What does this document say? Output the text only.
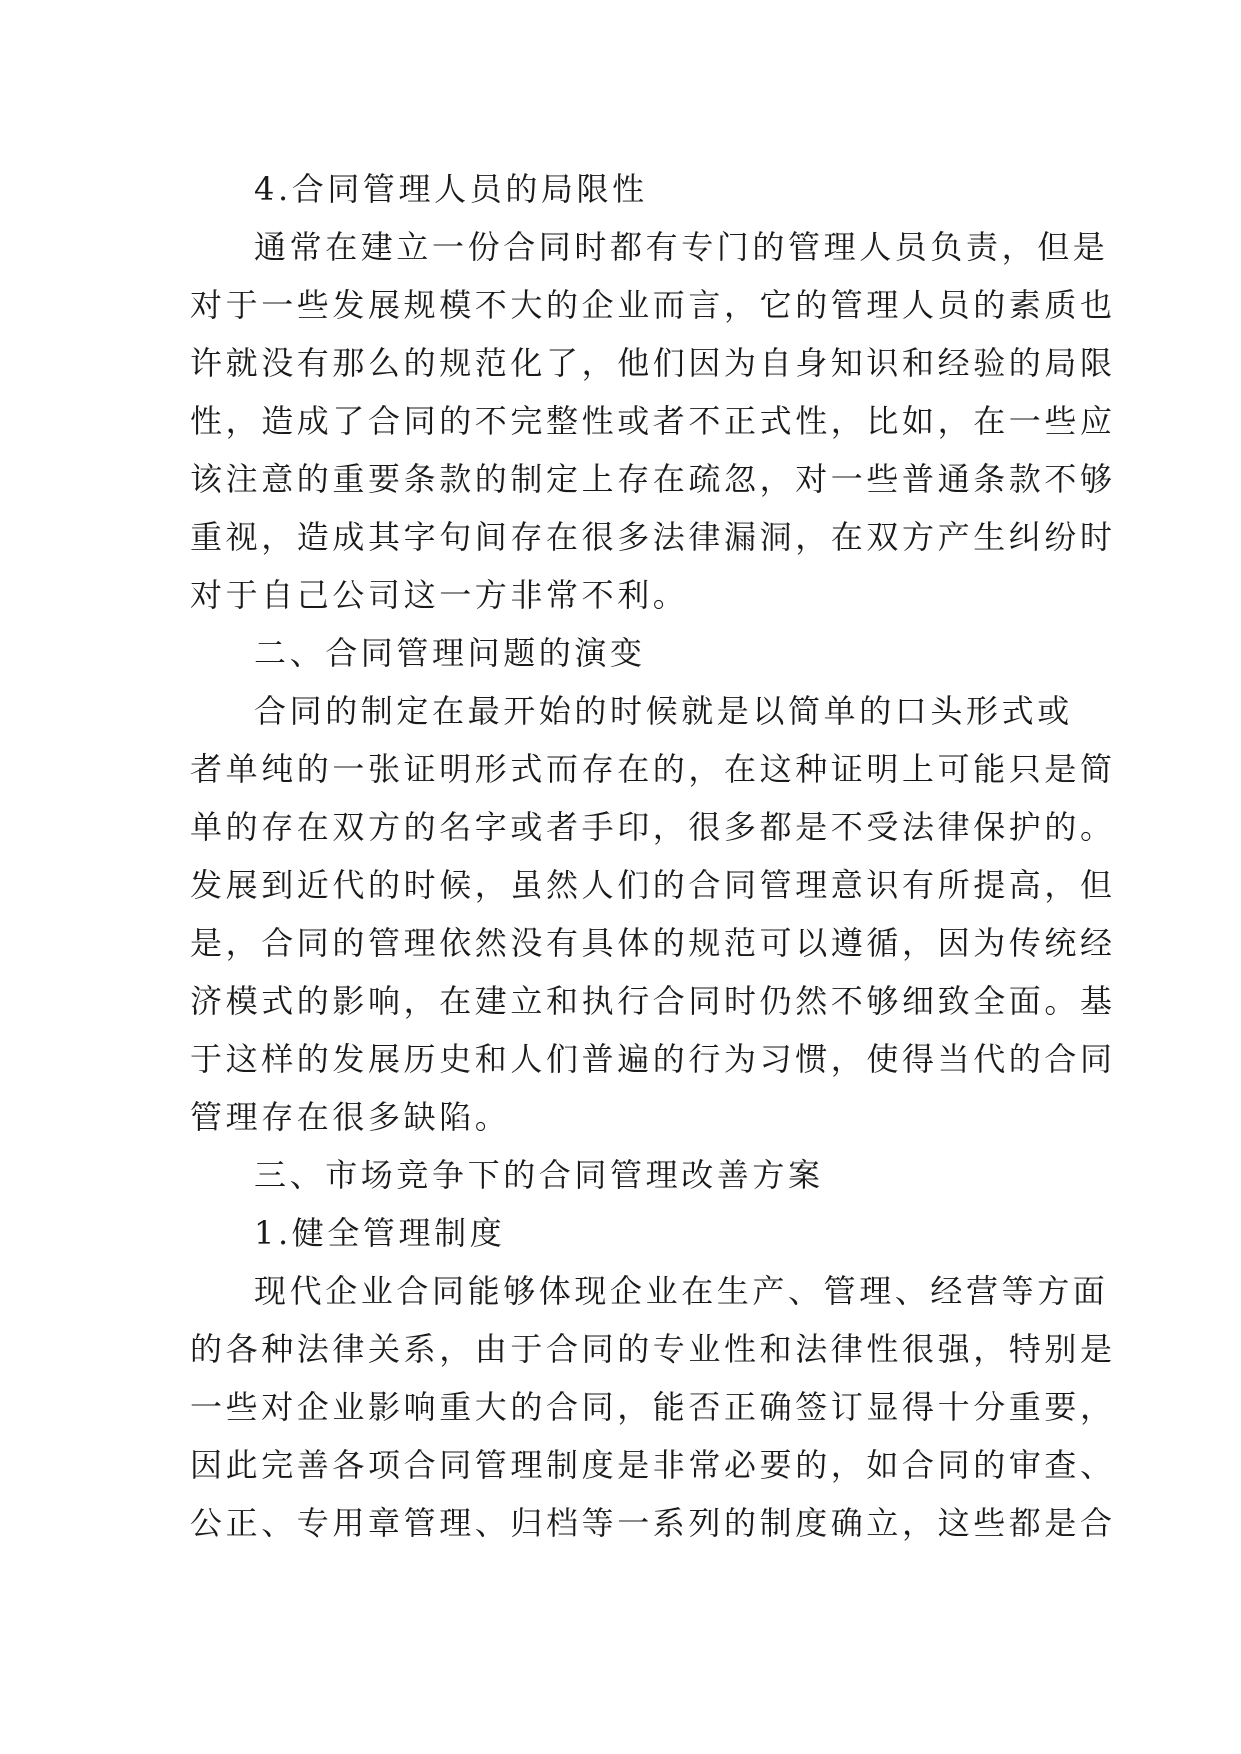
4.合同管理人员的局限性
通常在建立一份合同时都有专门的管理人员负责，但是
对于一些发展规模不大的企业而言，它的管理人员的素质也
许就没有那么的规范化了，他们因为自身知识和经验的局限
性，造成了合同的不完整性或者不正式性，比如，在一些应
该注意的重要条款的制定上存在疏忽，对一些普通条款不够
重视，造成其字句间存在很多法律漏洞，在双方产生纠纷时
对于自己公司这一方非常不利。
二、合同管理问题的演变
合同的制定在最开始的时候就是以简单的口头形式或
者单纯的一张证明形式而存在的，在这种证明上可能只是简
单的存在双方的名字或者手印，很多都是不受法律保护的。
发展到近代的时候，虽然人们的合同管理意识有所提高，但
是，合同的管理依然没有具体的规范可以遵循，因为传统经
济模式的影响，在建立和执行合同时仍然不够细致全面。基
于这样的发展历史和人们普遍的行为习惯，使得当代的合同
管理存在很多缺陷。
三、市场竞争下的合同管理改善方案
1.健全管理制度
现代企业合同能够体现企业在生产、管理、经营等方面
的各种法律关系，由于合同的专业性和法律性很强，特别是
一些对企业影响重大的合同，能否正确签订显得十分重要，
因此完善各项合同管理制度是非常必要的，如合同的审查、
公正、专用章管理、归档等一系列的制度确立，这些都是合
